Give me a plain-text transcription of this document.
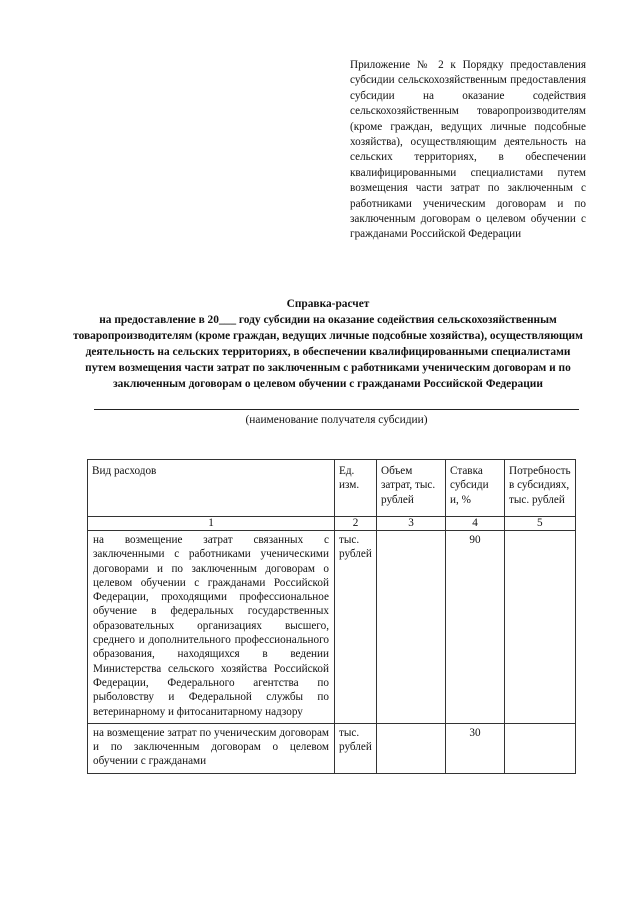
Приложение № 2 к Порядку предоставления субсидии сельскохозяйственным предоставления субсидии на оказание содействия сельскохозяйственным товаропроизводителям (кроме граждан, ведущих личные подсобные хозяйства), осуществляющим деятельность на сельских территориях, в обеспечении квалифицированными специалистами путем возмещения части затрат по заключенным с работниками ученическим договорам и по заключенным договорам о целевом обучении с гражданами Российской Федерации

Справка-расчет

на предоставление в 20___ году субсидии на оказание содействия сельскохозяйственным товаропроизводителям (кроме граждан, ведущих личные подсобные хозяйства), осуществляющим деятельность на сельских территориях, в обеспечении квалифицированными специалистами путем возмещения части затрат по заключенным с работниками ученическим договорам и по заключенным договорам о целевом обучении с гражданами Российской Федерации

(наименование получателя субсидии)
Вид расходов	Ед. изм.	Объем затрат, тыс. рублей	Ставка субсиди и, %	Потребность в субсидиях, тыс. рублей
1	2	3	4	5
на возмещение затрат связанных с заключенными с работниками ученическими договорами и по заключенным договорам о целевом обучении с гражданами Российской Федерации, проходящими профессиональное обучение в федеральных государственных образовательных организациях высшего, среднего и дополнительного профессионального образования, находящихся в ведении Министерства сельского хозяйства Российской Федерации, Федерального агентства по рыболовству и Федеральной службы по ветеринарному и фитосанитарному надзору	тыс. рублей		90	
на возмещение затрат по ученическим договорам и по заключенным договорам о целевом обучении с гражданами	тыс. рублей		30	
